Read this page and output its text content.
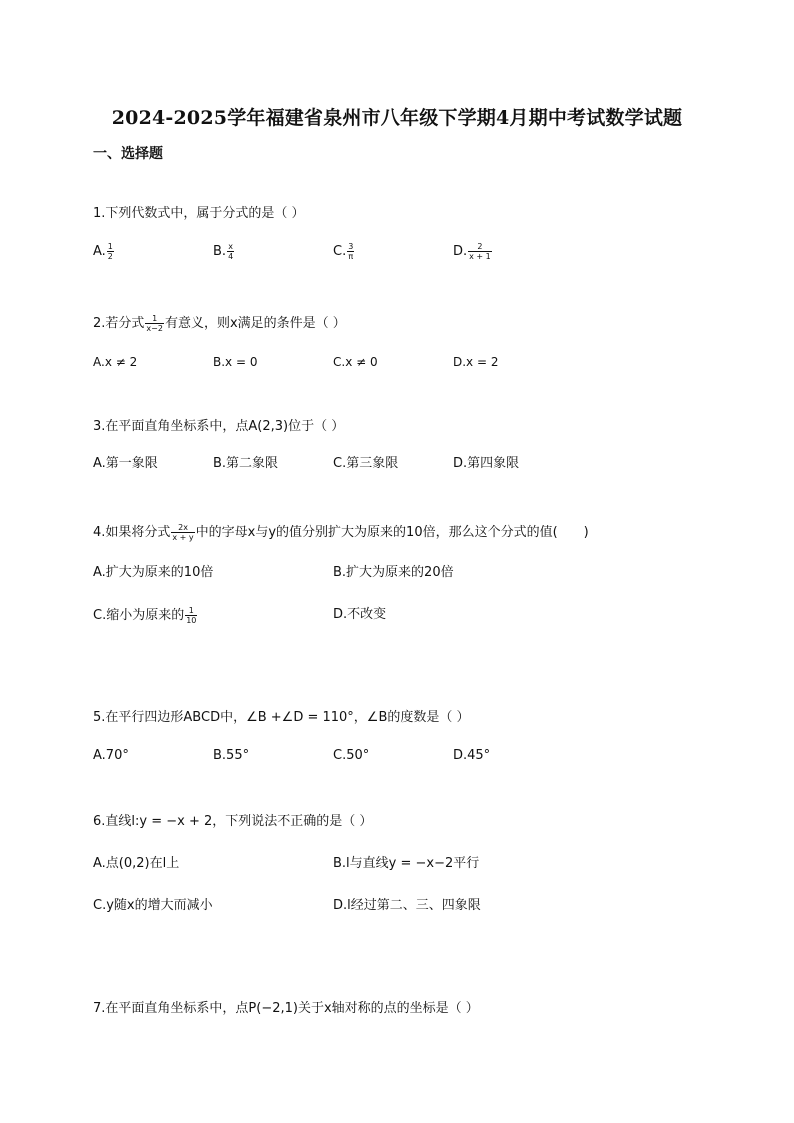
2024-2025学年福建省泉州市八年级下学期4月期中考试数学试题
一、选择题
1.下列代数式中，属于分式的是（ ）
A. $\frac{1}{2}$	B. $\frac{x}{4}$	C. $\frac{3}{\pi}$	D. $\frac{2}{x + 1}$
2.若分式 $\frac{1}{x-2}$ 有意义，则x满足的条件是（ ）
A.x ≠ 2	B.x = 0	C.x ≠ 0	D.x = 2
3.在平面直角坐标系中，点A(2,3)位于（ ）
A.第一象限	B.第二象限	C.第三象限	D.第四象限
4.如果将分式 $\frac{2x}{x + y}$ 中的字母x与y的值分别扩大为原来的10倍，那么这个分式的值(　　)
A.扩大为原来的10倍	B.扩大为原来的20倍
C.缩小为原来的 $\frac{1}{10}$	D.不改变
5.在平行四边形ABCD中，∠B +∠D = 110°，∠B的度数是（ ）
A.70°	B.55°	C.50°	D.45°
6.直线l:y = −x + 2，下列说法不正确的是（ ）
A.点(0,2)在l上	B.l与直线y = −x−2平行
C.y随x的增大而减小	D.l经过第二、三、四象限
7.在平面直角坐标系中，点P(−2,1)关于x轴对称的点的坐标是（ ）
